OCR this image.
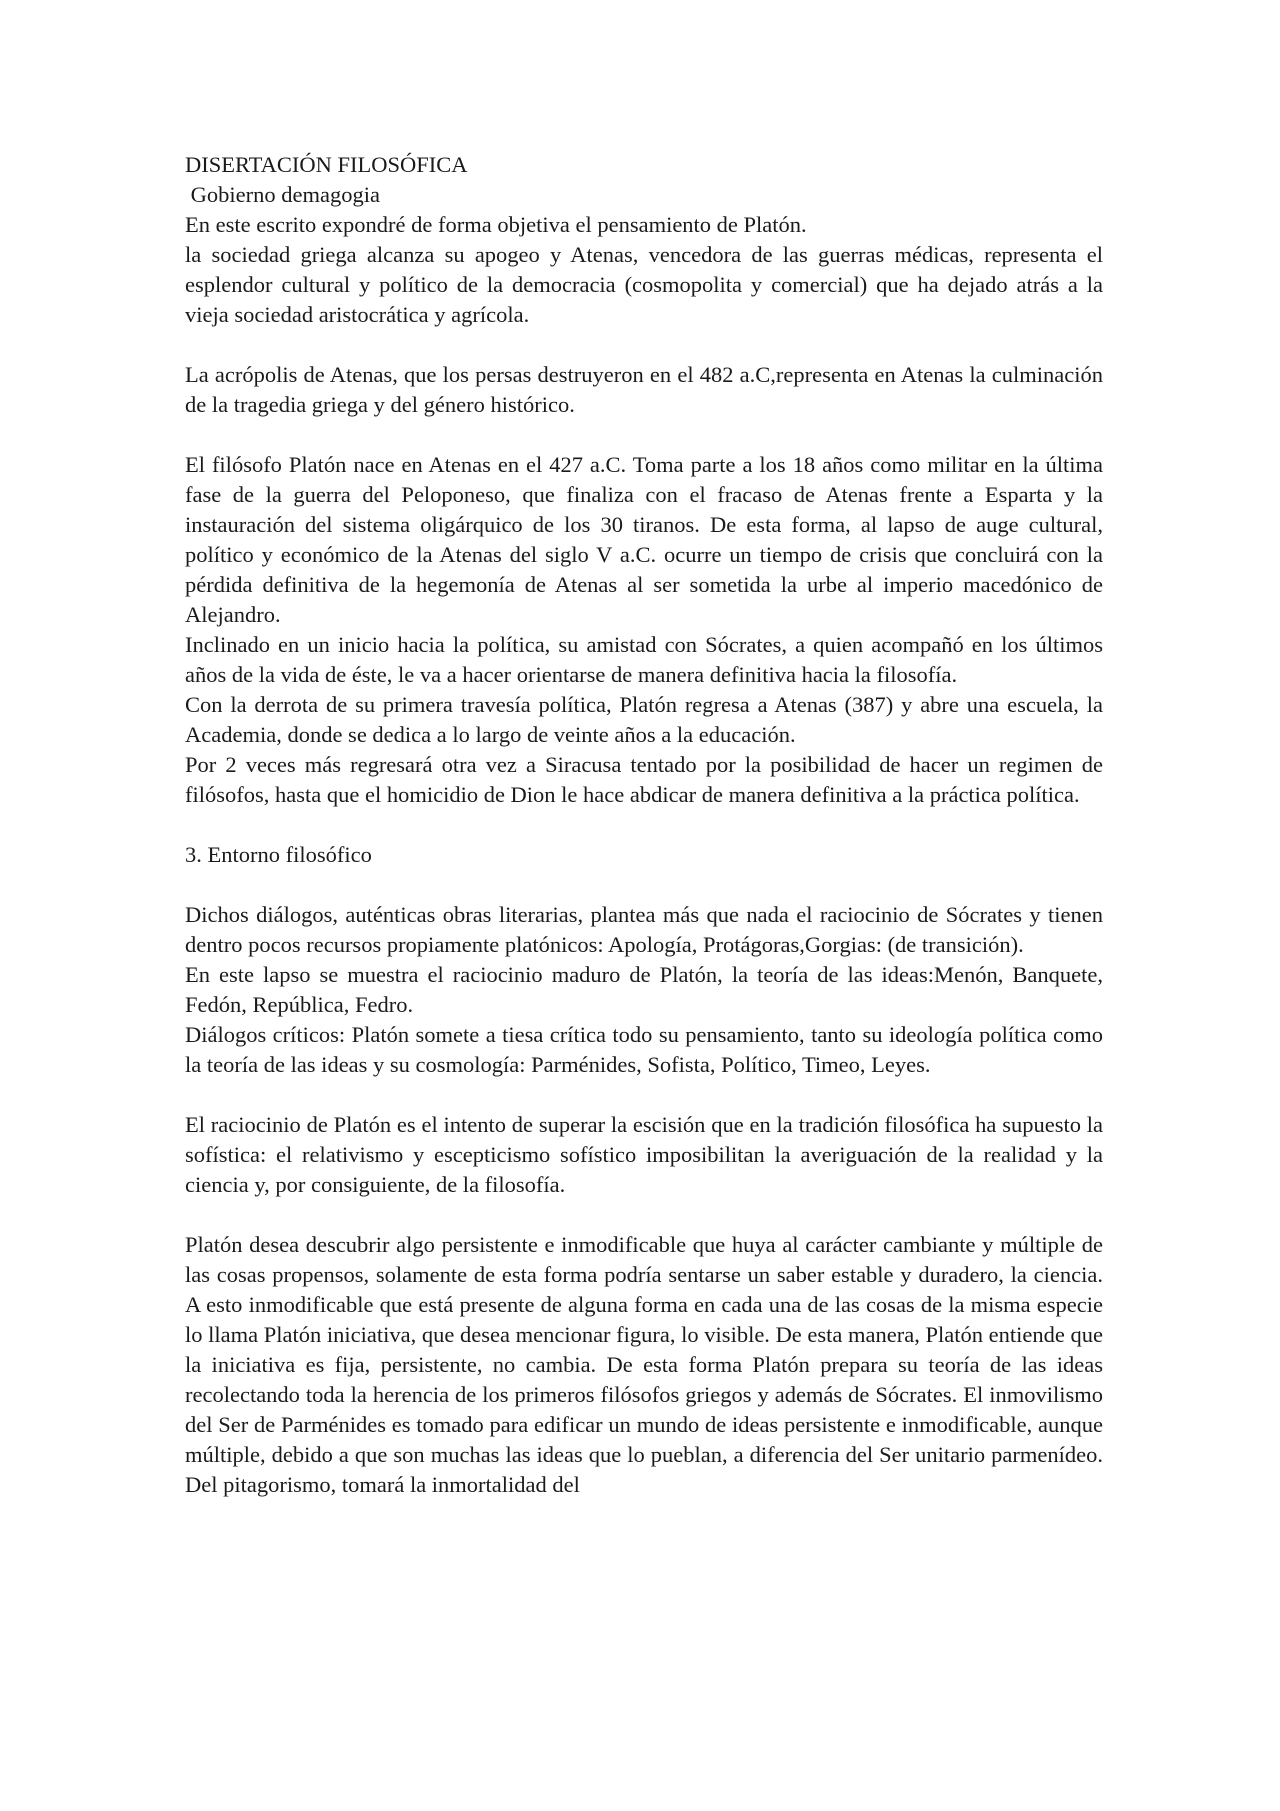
DISERTACIÓN FILOSÓFICA

Gobierno demagogia

En este escrito expondré de forma objetiva el pensamiento de Platón.

la sociedad griega alcanza su apogeo y Atenas, vencedora de las guerras médicas, representa el esplendor cultural y político de la democracia (cosmopolita y comercial) que ha dejado atrás a la vieja sociedad aristocrática y agrícola.

La acrópolis de Atenas, que los persas destruyeron en el 482 a.C,representa en Atenas la culminación de la tragedia griega y del género histórico.

El filósofo Platón nace en Atenas en el 427 a.C. Toma parte a los 18 años como militar en la última fase de la guerra del Peloponeso, que finaliza con el fracaso de Atenas frente a Esparta y la instauración del sistema oligárquico de los 30 tiranos. De esta forma, al lapso de auge cultural, político y económico de la Atenas del siglo V a.C. ocurre un tiempo de crisis que concluirá con la pérdida definitiva de la hegemonía de Atenas al ser sometida la urbe al imperio macedónico de Alejandro.

Inclinado en un inicio hacia la política, su amistad con Sócrates, a quien acompañó en los últimos años de la vida de éste, le va a hacer orientarse de manera definitiva hacia la filosofía.

Con la derrota de su primera travesía política, Platón regresa a Atenas (387) y abre una escuela, la Academia, donde se dedica a lo largo de veinte años a la educación.

Por 2 veces más regresará otra vez a Siracusa tentado por la posibilidad de hacer un regimen de filósofos, hasta que el homicidio de Dion le hace abdicar de manera definitiva a la práctica política.

3. Entorno filosófico

Dichos diálogos, auténticas obras literarias, plantea más que nada el raciocinio de Sócrates y tienen dentro pocos recursos propiamente platónicos: Apología, Protágoras,Gorgias: (de transición).

En este lapso se muestra el raciocinio maduro de Platón, la teoría de las ideas:Menón, Banquete, Fedón, República, Fedro.

Diálogos críticos: Platón somete a tiesa crítica todo su pensamiento, tanto su ideología política como la teoría de las ideas y su cosmología: Parménides, Sofista, Político, Timeo, Leyes.

El raciocinio de Platón es el intento de superar la escisión que en la tradición filosófica ha supuesto la sofística: el relativismo y escepticismo sofístico imposibilitan la averiguación de la realidad y la ciencia y, por consiguiente, de la filosofía.

Platón desea descubrir algo persistente e inmodificable que huya al carácter cambiante y múltiple de las cosas propensos, solamente de esta forma podría sentarse un saber estable y duradero, la ciencia. A esto inmodificable que está presente de alguna forma en cada una de las cosas de la misma especie lo llama Platón iniciativa, que desea mencionar figura, lo visible. De esta manera, Platón entiende que la iniciativa es fija, persistente, no cambia. De esta forma Platón prepara su teoría de las ideas recolectando toda la herencia de los primeros filósofos griegos y además de Sócrates. El inmovilismo del Ser de Parménides es tomado para edificar un mundo de ideas persistente e inmodificable, aunque múltiple, debido a que son muchas las ideas que lo pueblan, a diferencia del Ser unitario parmenídeo. Del pitagorismo, tomará la inmortalidad del
